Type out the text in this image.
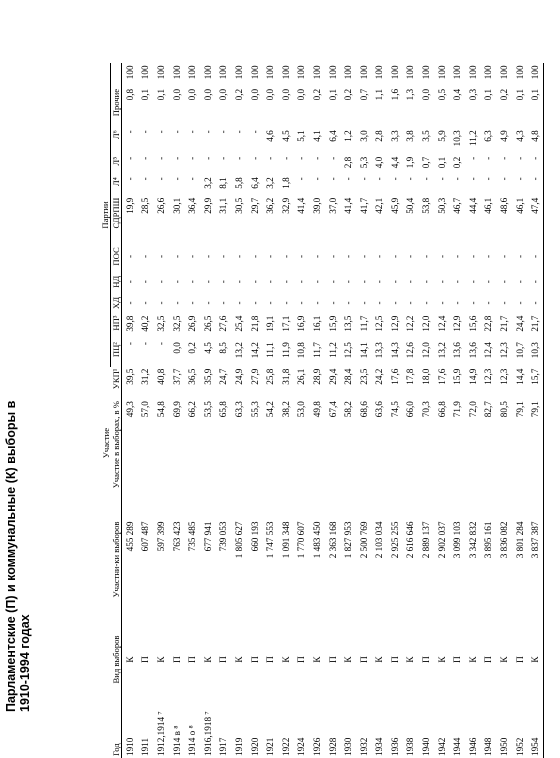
Парламентские (П) и коммунальные (К) выборы в 1910-1994 годах
			Участие		Партии											
Год	Вид выборов	Участни-ки выборов	Участие в выборах, в %	УКП¹	ПЦ²	НП³	ХД	НД	ПОС	СДРПШ	Л⁴	Л⁵	Л⁶	Прочие		
1910	К	455 289	49,3	39,5	-	39,8	-	-	-	19,9	-	-	-	0,8	100	
1911	П	607 487	57,0	31,2	-	40,2	-	-	-	28,5	-	-	-	0,1	100	
1912,1914 ⁷	К	597 399	54,8	40,8	-	32,5	-	-	-	26,6	-	-	-	0,1	100	
1914 в ⁸	П	763 423	69,9	37,7	0,0	32,5	-	-	-	30,1	-	-	-	0,0	100	
1914 о ⁸	П	735 485	66,2	36,5	0,2	26,9	-	-	-	36,4	-	-	-	0,0	100	
1916,1918 ⁷	К	677 941	53,5	35,9	4,5	26,5	-	-	-	29,9	3,2	-	-	0,0	100	
1917	П	739 053	65,8	24,7	8,5	27,6	-	-	-	31,1	8,1	-	-	0,0	100	
1919	К	1 805 627	63,3	24,9	13,2	25,4	-	-	-	30,5	5,8	-	-	0,2	100	
1920	П	660 193	55,3	27,9	14,2	21,8	-	-	-	29,7	6,4	-	-	0,0	100	
1921	П	1 747 553	54,2	25,8	11,1	19,1	-	-	-	36,2	3,2	-	4,6	0,0	100	
1922	К	1 091 348	38,2	31,8	11,9	17,1	-	-	-	32,9	1,8	-	4,5	0,0	100	
1924	П	1 770 607	53,0	26,1	10,8	16,9	-	-	-	41,4	-	-	5,1	0,0	100	
1926	К	1 483 450	49,8	28,9	11,7	16,1	-	-	-	39,0	-	-	4,1	0,2	100	
1928	П	2 363 168	67,4	29,4	11,2	15,9	-	-	-	37,0	-	-	6,4	0,1	100	
1930	К	1 827 953	58,2	28,4	12,5	13,5	-	-	-	41,4	-	2,8	1,2	0,2	100	
1932	П	2 500 769	68,6	23,5	14,1	11,7	-	-	-	41,7	-	5,3	3,0	0,7	100	
1934	К	2 103 034	63,6	24,2	13,3	12,5	-	-	-	42,1	-	4,0	2,8	1,1	100	
1936	П	2 925 255	74,5	17,6	14,3	12,9	-	-	-	45,9	-	4,4	3,3	1,6	100	
1938	К	2 616 646	66,0	17,8	12,6	12,2	-	-	-	50,4	-	1,9	3,8	1,3	100	
1940	П	2 889 137	70,3	18,0	12,0	12,0	-	-	-	53,8	-	0,7	3,5	0,0	100	
1942	К	2 902 037	66,8	17,6	13,2	12,4	-	-	-	50,3	-	0,1	5,9	0,5	100	
1944	П	3 099 103	71,9	15,9	13,6	12,9	-	-	-	46,7	-	0,2	10,3	0,4	100	
1946	К	3 342 832	72,0	14,9	13,6	15,6	-	-	-	44,4	-	-	11,2	0,3	100	
1948	П	3 895 161	82,7	12,3	12,4	22,8	-	-	-	46,1	-	-	6,3	0,1	100	
1950	К	3 836 082	80,5	12,3	12,3	21,7	-	-	-	48,6	-	-	4,9	0,2	100	
1952	П	3 801 284	79,1	14,4	10,7	24,4	-	-	-	46,1	-	-	4,3	0,1	100	
1954	К	3 837 387	79,1	15,7	10,3	21,7	-	-	-	47,4	-	-	4,8	0,1	100	
